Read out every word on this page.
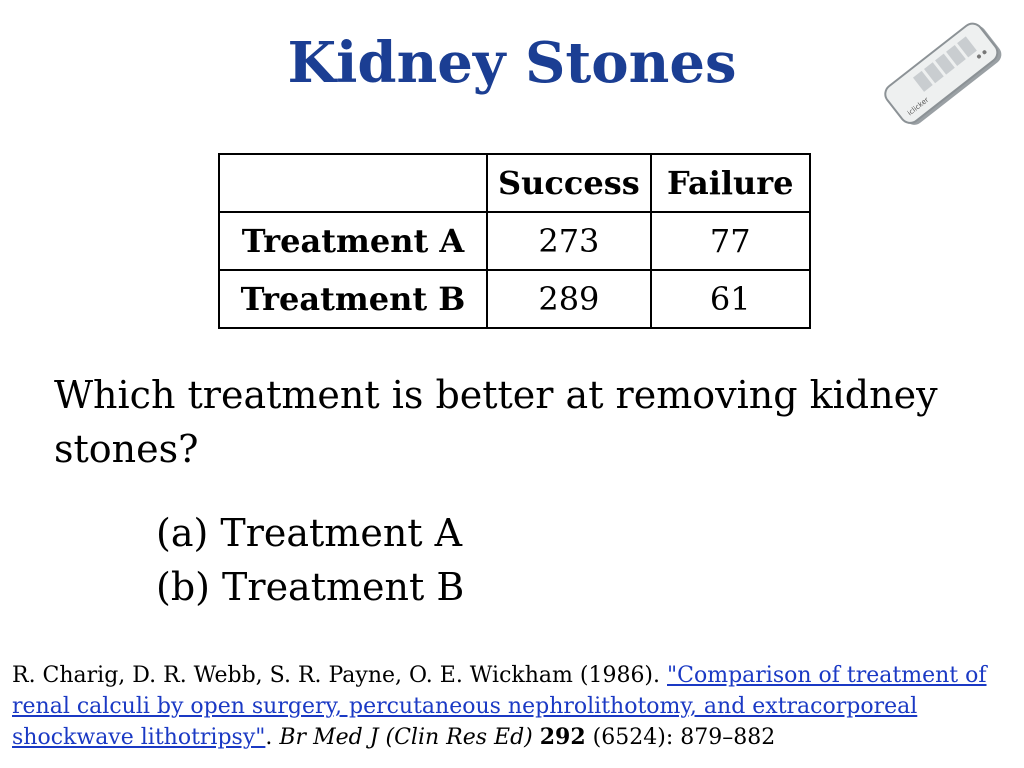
Kidney Stones
iclicker
	Success	Failure
Treatment A	273	77
Treatment B	289	61
Which treatment is better at removing kidney stones?
(a) Treatment A
(b) Treatment B
R. Charig, D. R. Webb, S. R. Payne, O. E. Wickham (1986). "Comparison of treatment of renal calculi by open surgery, percutaneous nephrolithotomy, and extracorporeal shockwave lithotripsy". Br Med J (Clin Res Ed) 292 (6524): 879–882
